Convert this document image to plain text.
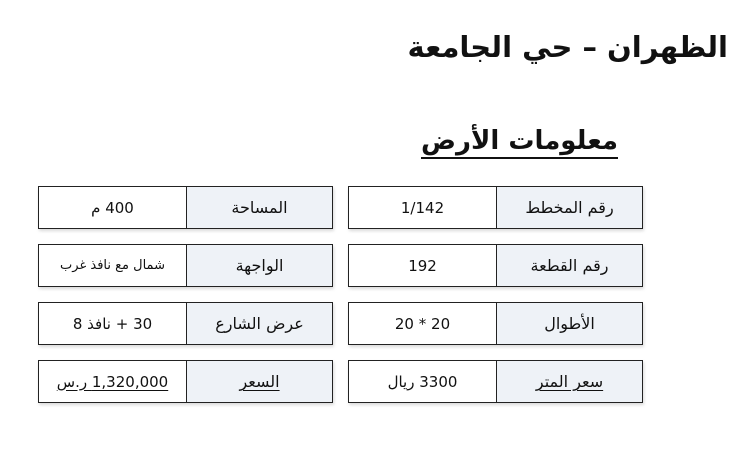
الظهران – حي الجامعة
معلومات الأرض
رقم المخطط
1/142
رقم القطعة
192
الأطوال
20 * 20
سعر المتر
3300 ريال
المساحة
400 م
الواجهة
شمال مع نافذ غرب
عرض الشارع
30 + نافذ 8
السعر
1,320,000 ر.س
